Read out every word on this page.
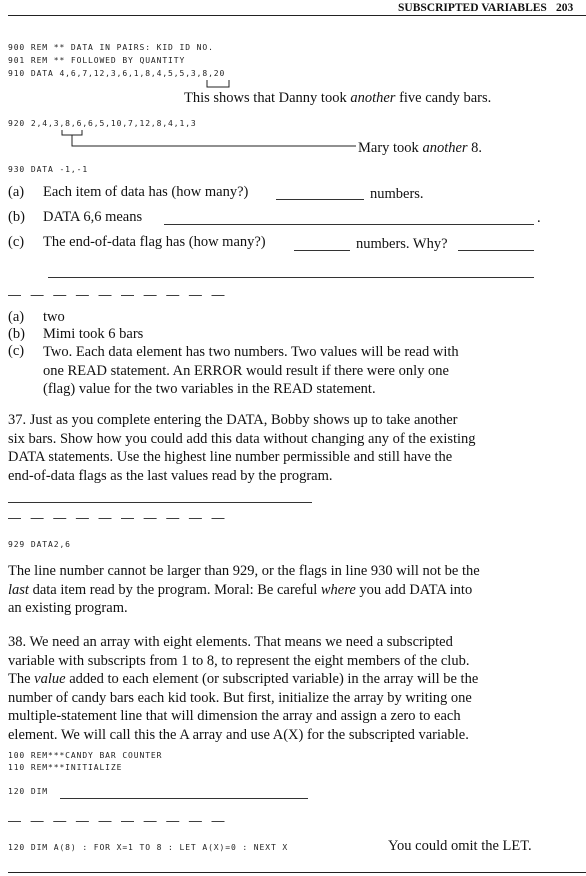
SUBSCRIPTED VARIABLES 203
900 REM ** DATA IN PAIRS: KID ID NO.
901 REM ** FOLLOWED BY QUANTITY
910 DATA 4,6,7,12,3,6,1,8,4,5,5,3,8,20
This shows that Danny took another five candy bars.
920 2,4,3,8,6,6,5,10,7,12,8,4,1,3
Mary took another 8.
930 DATA -1,-1
(a) Each item of data has (how many?)	numbers.
(b) DATA 6,6 means	.
(c) The end-of-data flag has (how many?)	numbers. Why?
— — — — — — — — — —
(a) two
(b) Mimi took 6 bars
(c) Two. Each data element has two numbers. Two values will be read with
one READ statement. An ERROR would result if there were only one
(flag) value for the two variables in the READ statement.
37. Just as you complete entering the DATA, Bobby shows up to take another
six bars. Show how you could add this data without changing any of the existing
DATA statements. Use the highest line number permissible and still have the
end-of-data flags as the last values read by the program.
— — — — — — — — — —
929 DATA2,6
The line number cannot be larger than 929, or the flags in line 930 will not be the
last data item read by the program. Moral: Be careful where you add DATA into
an existing program.
38. We need an array with eight elements. That means we need a subscripted
variable with subscripts from 1 to 8, to represent the eight members of the club.
The value added to each element (or subscripted variable) in the array will be the
number of candy bars each kid took. But first, initialize the array by writing one
multiple-statement line that will dimension the array and assign a zero to each
element. We will call this the A array and use A(X) for the subscripted variable.
100 REM***CANDY BAR COUNTER
110 REM***INITIALIZE
120 DIM
— — — — — — — — — —
120 DIM A(8) : FOR X=1 TO 8 : LET A(X)=0 : NEXT X	You could omit the LET.
